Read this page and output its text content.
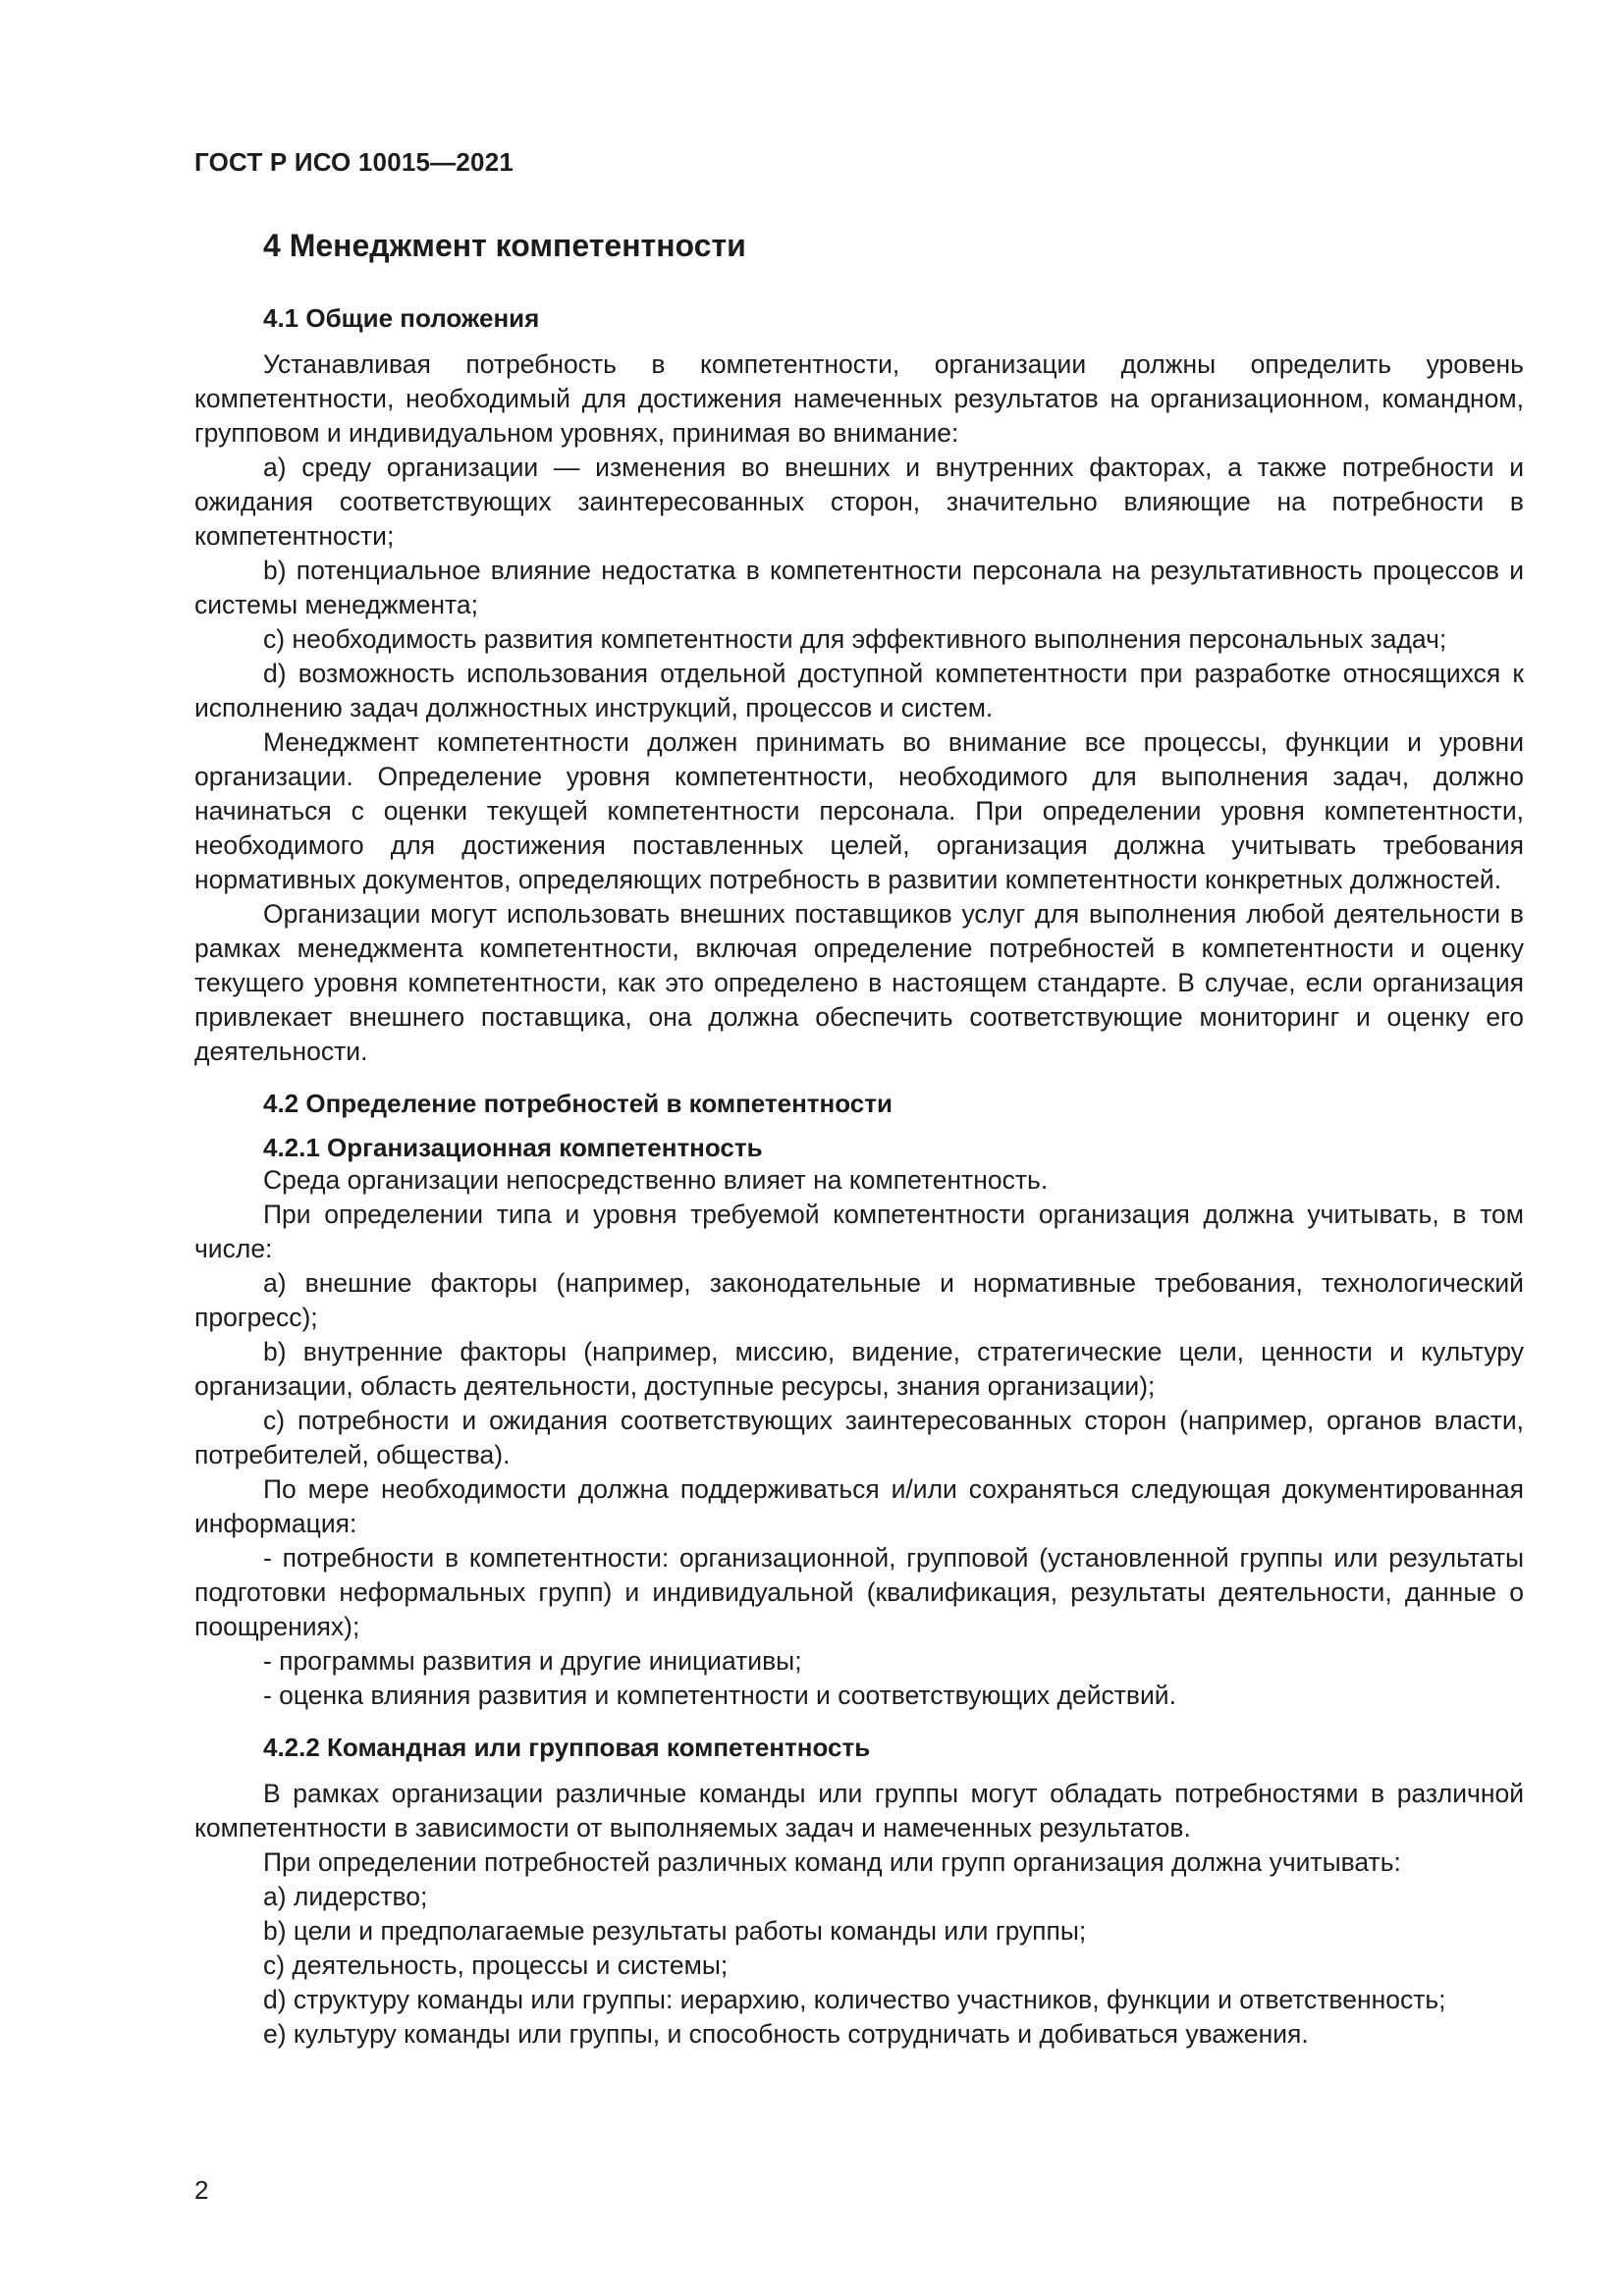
ГОСТ Р ИСО 10015—2021
4 Менеджмент компетентности
4.1 Общие положения

Устанавливая потребность в компетентности, организации должны определить уровень компетентности, необходимый для достижения намеченных результатов на организационном, командном, групповом и индивидуальном уровнях, принимая во внимание:

а) среду организации — изменения во внешних и внутренних факторах, а также потребности и ожидания соответствующих заинтересованных сторон, значительно влияющие на потребности в компетентности;

b) потенциальное влияние недостатка в компетентности персонала на результативность процессов и системы менеджмента;

с) необходимость развития компетентности для эффективного выполнения персональных задач;

d) возможность использования отдельной доступной компетентности при разработке относящихся к исполнению задач должностных инструкций, процессов и систем.

Менеджмент компетентности должен принимать во внимание все процессы, функции и уровни организации. Определение уровня компетентности, необходимого для выполнения задач, должно начинаться с оценки текущей компетентности персонала. При определении уровня компетентности, необходимого для достижения поставленных целей, организация должна учитывать требования нормативных документов, определяющих потребность в развитии компетентности конкретных должностей.

Организации могут использовать внешних поставщиков услуг для выполнения любой деятельности в рамках менеджмента компетентности, включая определение потребностей в компетентности и оценку текущего уровня компетентности, как это определено в настоящем стандарте. В случае, если организация привлекает внешнего поставщика, она должна обеспечить соответствующие мониторинг и оценку его деятельности.

4.2 Определение потребностей в компетентности
4.2.1 Организационная компетентность

Среда организации непосредственно влияет на компетентность.

При определении типа и уровня требуемой компетентности организация должна учитывать, в том числе:

а) внешние факторы (например, законодательные и нормативные требования, технологический прогресс);

b) внутренние факторы (например, миссию, видение, стратегические цели, ценности и культуру организации, область деятельности, доступные ресурсы, знания организации);

с) потребности и ожидания соответствующих заинтересованных сторон (например, органов власти, потребителей, общества).

По мере необходимости должна поддерживаться и/или сохраняться следующая документированная информация:

- потребности в компетентности: организационной, групповой (установленной группы или результаты подготовки неформальных групп) и индивидуальной (квалификация, результаты деятельности, данные о поощрениях);

- программы развития и другие инициативы;

- оценка влияния развития и компетентности и соответствующих действий.

4.2.2 Командная или групповая компетентность

В рамках организации различные команды или группы могут обладать потребностями в различной компетентности в зависимости от выполняемых задач и намеченных результатов.

При определении потребностей различных команд или групп организация должна учитывать:

а) лидерство;

b) цели и предполагаемые результаты работы команды или группы;

с) деятельность, процессы и системы;

d) структуру команды или группы: иерархию, количество участников, функции и ответственность;

е) культуру команды или группы, и способность сотрудничать и добиваться уважения.

2
